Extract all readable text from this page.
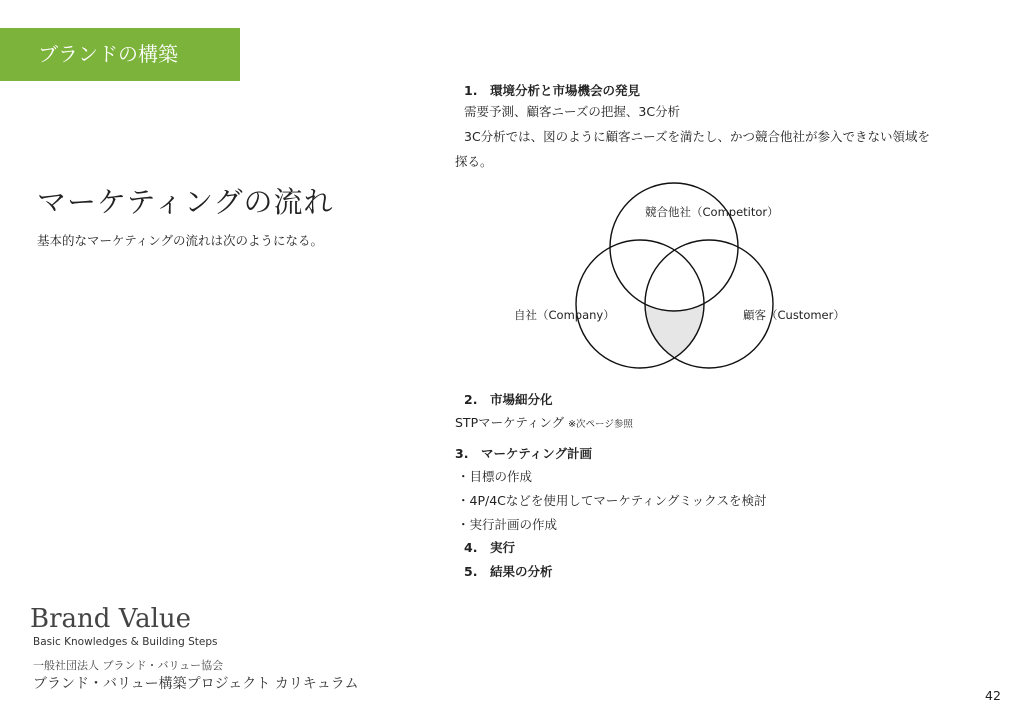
ブランドの構築
マーケティングの流れ
基本的なマーケティングの流れは次のようになる。
1.　環境分析と市場機会の発見
需要予測、顧客ニーズの把握、3C分析
3C分析では、図のように顧客ニーズを満たし、かつ競合他社が参入できない領域を
探る。
2.　市場細分化
STPマーケティング ※次ページ参照
3.　マーケティング計画
・目標の作成
・4P/4Cなどを使用してマーケティングミックスを検討
・実行計画の作成
4.　実行
5.　結果の分析
競合他社（Competitor）
自社（Company）	顧客（Customer）
Brand Value
Basic Knowledges & Building Steps
一般社団法人 ブランド・バリュー協会
ブランド・バリュー構築プロジェクト カリキュラム
42
